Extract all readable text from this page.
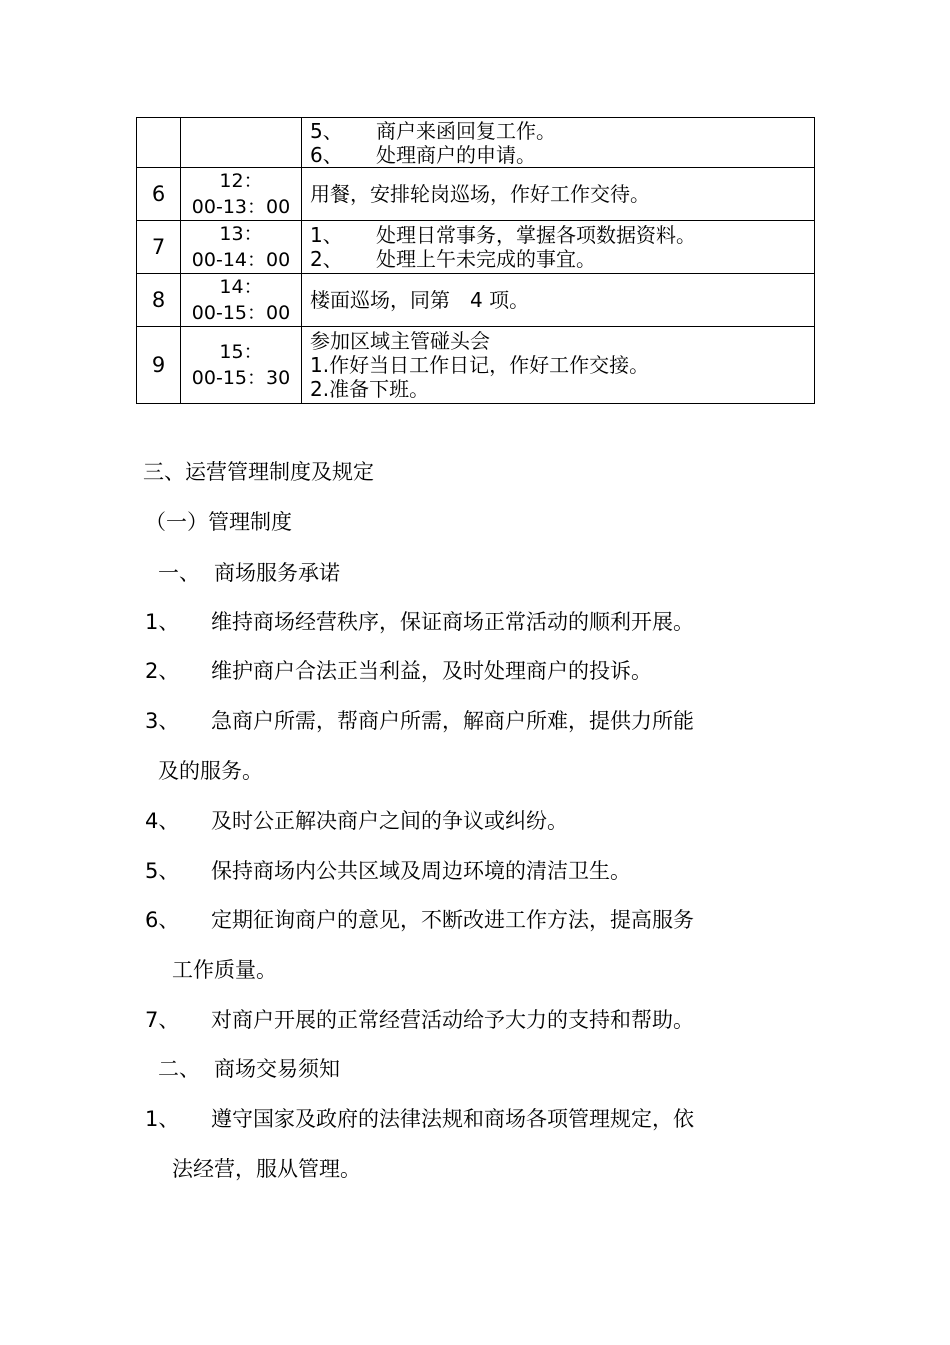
		5、 商户来函回复工作。
6、 处理商户的申请。

6	12：
00-13：00	用餐，安排轮岗巡场，作好工作交待。

7	13：
00-14：00	1、 处理日常事务，掌握各项数据资料。
2、 处理上午未完成的事宜。

8	14：
00-15：00	楼面巡场，同第　4 项。

9	15：
00-15：30	参加区域主管碰头会
1.作好当日工作日记，作好工作交接。
2.准备下班。
三、运营管理制度及规定
（一）管理制度
一、 商场服务承诺
1、 维持商场经营秩序，保证商场正常活动的顺利开展。
2、 维护商户合法正当利益，及时处理商户的投诉。
3、 急商户所需，帮商户所需，解商户所难，提供力所能
及的服务。
4、 及时公正解决商户之间的争议或纠纷。
5、 保持商场内公共区域及周边环境的清洁卫生。
6、 定期征询商户的意见，不断改进工作方法，提高服务
工作质量。
7、 对商户开展的正常经营活动给予大力的支持和帮助。
二、 商场交易须知
1、 遵守国家及政府的法律法规和商场各项管理规定，依
法经营，服从管理。
